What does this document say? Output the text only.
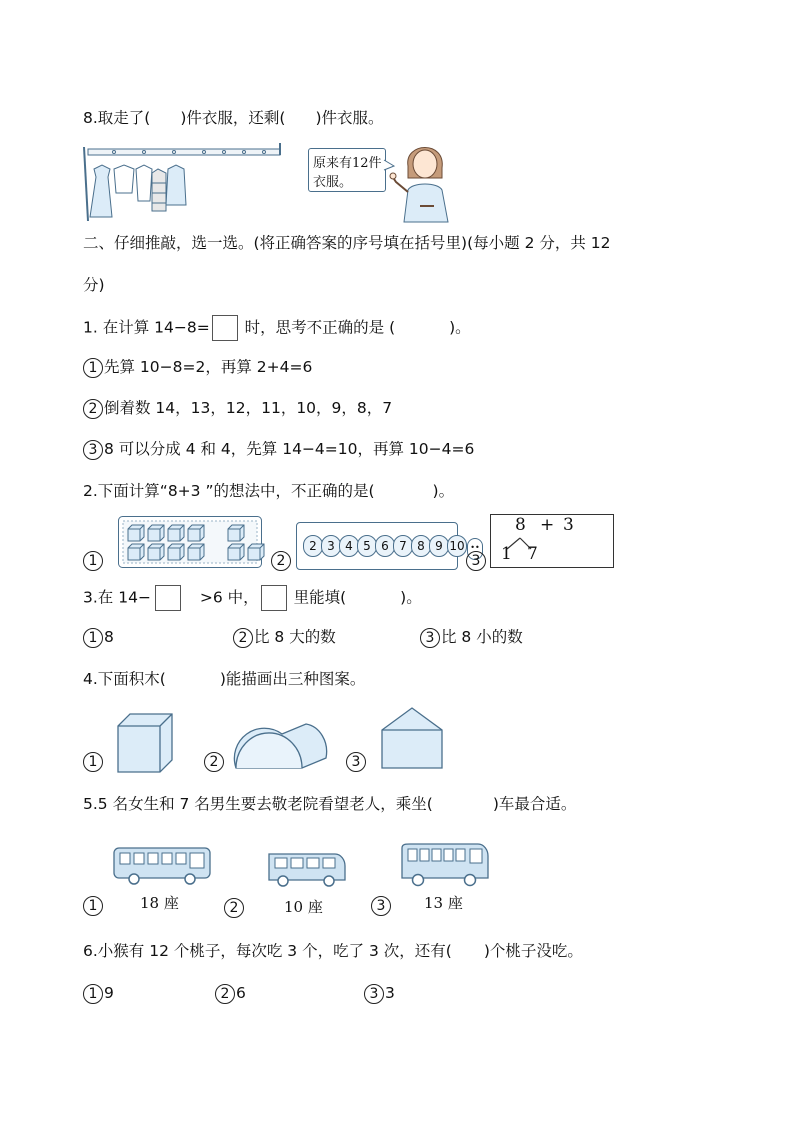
8.取走了( )件衣服，还剩( )件衣服。
原来有12件
衣服。
二、仔细推敲，选一选。(将正确答案的序号填在括号里)(每小题 2 分，共 12
分)
1. 在计算 14−8= 时，思考不正确的是 (	)。
1 先算 10−8=2，再算 2+4=6
2 倒着数 14，13，12，11，10，9，8，7
3 8 可以分成 4 和 4，先算 14−4=10，再算 10−4=6
2.下面计算“8+3 ”的想法中，不正确的是(	)。
1	2
2 3 4 5 6 7 8 9 10 ••
3
8 + 3
1 7
3.在 14−	>6 中， 里能填(	)。
1 8	2 比 8 大的数	3 比 8 小的数
4.下面积木(	)能描画出三种图案。
1	2	3
5.5 名女生和 7 名男生要去敬老院看望老人，乘坐(	)车最合适。
1	18 座	2	10 座	3	13 座
6.小猴有 12 个桃子，每次吃 3 个，吃了 3 次，还有( )个桃子没吃。
1 9	2 6	3 3
